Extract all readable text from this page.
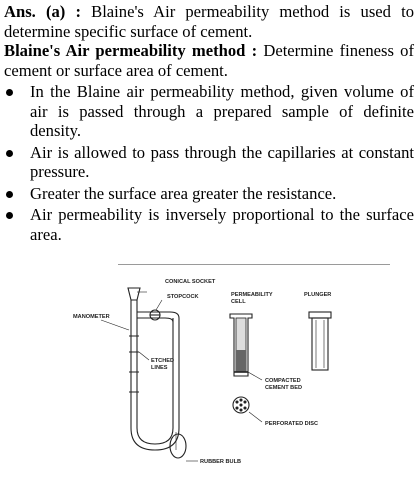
Ans. (a) : Blaine's Air permeability method is used to determine specific surface of cement.

Blaine's Air permeability method : Determine fineness of cement or surface area of cement.

In the Blaine air permeability method, given volume of air is passed through a prepared sample of definite density.
Air is allowed to pass through the capillaries at constant pressure.
Greater the surface area greater the resistance.
Air permeability is inversely proportional to the surface area.
CONICAL SOCKET
STOPCOCK
MANOMETER
ETCHED
LINES
PERMEABILITY
CELL
PLUNGER
COMPACTED
CEMENT BED
PERFORATED DISC
RUBBER BULB
